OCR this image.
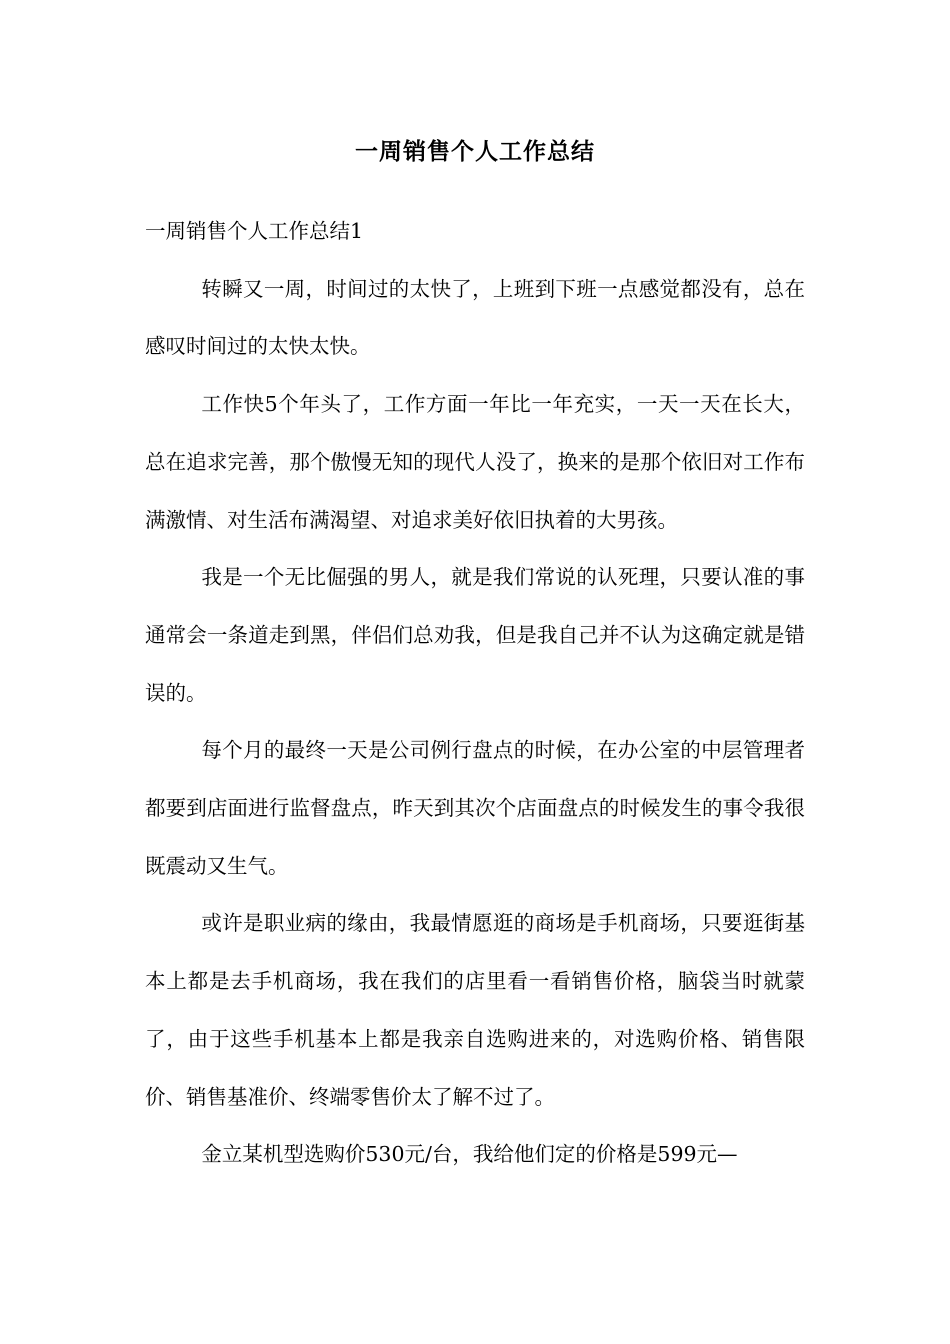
一周销售个人工作总结

一周销售个人工作总结1

转瞬又一周，时间过的太快了，上班到下班一点感觉都没有，总在感叹时间过的太快太快。

工作快5个年头了，工作方面一年比一年充实，一天一天在长大，总在追求完善，那个傲慢无知的现代人没了，换来的是那个依旧对工作布满激情、对生活布满渴望、对追求美好依旧执着的大男孩。

我是一个无比倔强的男人，就是我们常说的认死理，只要认准的事通常会一条道走到黑，伴侣们总劝我，但是我自己并不认为这确定就是错误的。

每个月的最终一天是公司例行盘点的时候，在办公室的中层管理者都要到店面进行监督盘点，昨天到其次个店面盘点的时候发生的事令我很既震动又生气。

或许是职业病的缘由，我最情愿逛的商场是手机商场，只要逛街基本上都是去手机商场，我在我们的店里看一看销售价格，脑袋当时就蒙了，由于这些手机基本上都是我亲自选购进来的，对选购价格、销售限价、销售基准价、终端零售价太了解不过了。

金立某机型选购价530元/台，我给他们定的价格是599元—
